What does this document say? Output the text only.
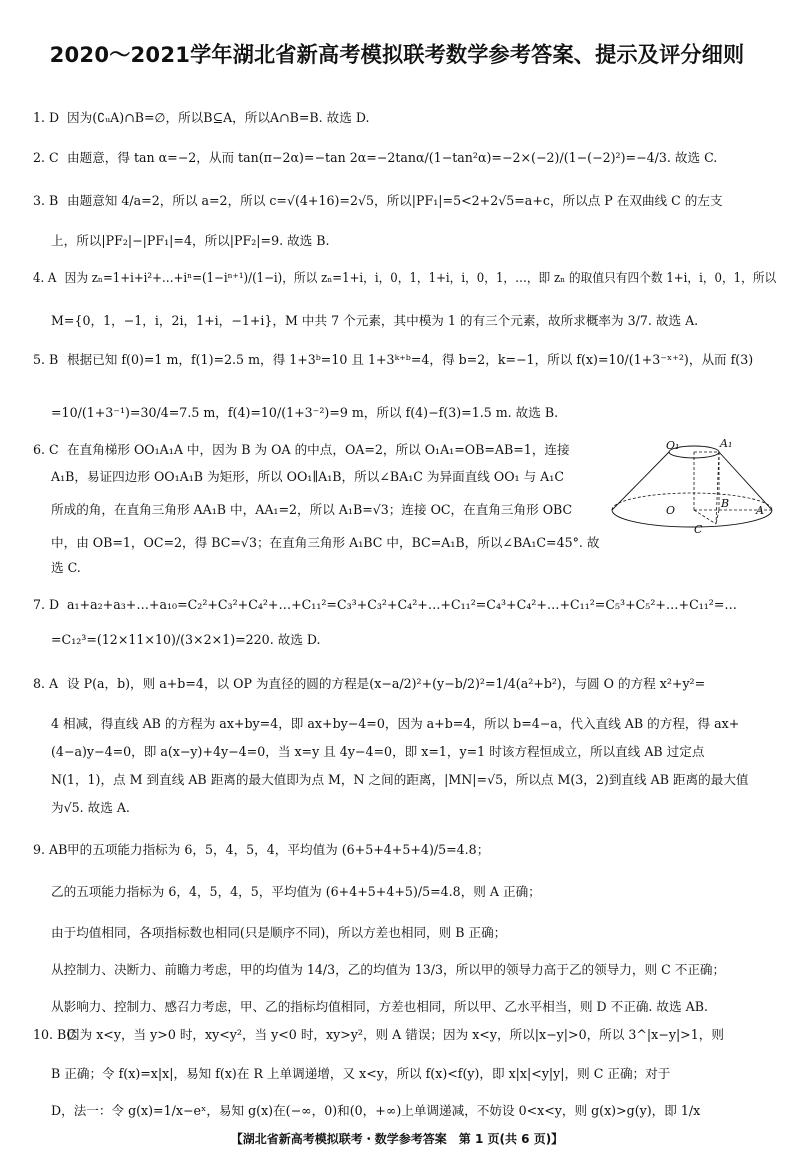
2020～2021学年湖北省新高考模拟联考数学参考答案、提示及评分细则
1. D 因为(∁ᵤA)∩B=∅，所以B⊆A，所以A∩B=B. 故选 D.
2. C 由题意，得 tan α=−2，从而 tan(π−2α)=−tan 2α=−2tanα/(1−tan²α)=−2×(−2)/(1−(−2)²)=−4/3. 故选 C.
3. B 由题意知 4/a=2，所以 a=2，所以 c=√(4+16)=2√5，所以|PF₁|=5<2+2√5=a+c，所以点 P 在双曲线 C 的左支
上，所以|PF₂|−|PF₁|=4，所以|PF₂|=9. 故选 B.
4. A 因为 zₙ=1+i+i²+…+iⁿ=(1−iⁿ⁺¹)/(1−i)，所以 zₙ=1+i，i，0，1，1+i，i，0，1，…，即 zₙ 的取值只有四个数 1+i，i，0，1，所以
M={0，1，−1，i，2i，1+i，−1+i}，M 中共 7 个元素，其中模为 1 的有三个元素，故所求概率为 3/7. 故选 A.
5. B 根据已知 f(0)=1 m，f(1)=2.5 m，得 1+3ᵇ=10 且 1+3ᵏ⁺ᵇ=4，得 b=2，k=−1，所以 f(x)=10/(1+3⁻ˣ⁺²)，从而 f(3)
=10/(1+3⁻¹)=30/4=7.5 m，f(4)=10/(1+3⁻²)=9 m，所以 f(4)−f(3)=1.5 m. 故选 B.
6. C 在直角梯形 OO₁A₁A 中，因为 B 为 OA 的中点，OA=2，所以 O₁A₁=OB=AB=1，连接
A₁B，易证四边形 OO₁A₁B 为矩形，所以 OO₁∥A₁B，所以∠BA₁C 为异面直线 OO₁ 与 A₁C
所成的角，在直角三角形 AA₁B 中，AA₁=2，所以 A₁B=√3；连接 OC，在直角三角形 OBC
中，由 OB=1，OC=2，得 BC=√3；在直角三角形 A₁BC 中，BC=A₁B，所以∠BA₁C=45°. 故
选 C.
7. D a₁+a₂+a₃+…+a₁₀=C₂²+C₃²+C₄²+…+C₁₁²=C₃³+C₃²+C₄²+…+C₁₁²=C₄³+C₄²+…+C₁₁²=C₅³+C₅²+…+C₁₁²=…
=C₁₂³=(12×11×10)/(3×2×1)=220. 故选 D.
8. A 设 P(a，b)，则 a+b=4，以 OP 为直径的圆的方程是(x−a/2)²+(y−b/2)²=1/4(a²+b²)，与圆 O 的方程 x²+y²=
4 相减，得直线 AB 的方程为 ax+by=4，即 ax+by−4=0，因为 a+b=4，所以 b=4−a，代入直线 AB 的方程，得 ax+
(4−a)y−4=0，即 a(x−y)+4y−4=0，当 x=y 且 4y−4=0，即 x=1，y=1 时该方程恒成立，所以直线 AB 过定点
N(1，1)，点 M 到直线 AB 距离的最大值即为点 M，N 之间的距离，|MN|=√5，所以点 M(3，2)到直线 AB 距离的最大值
为√5. 故选 A.
9. AB甲的五项能力指标为 6，5，4，5，4，平均值为 (6+5+4+5+4)/5=4.8；
乙的五项能力指标为 6，4，5，4，5，平均值为 (6+4+5+4+5)/5=4.8，则 A 正确；
由于均值相同，各项指标数也相同(只是顺序不同)，所以方差也相同，则 B 正确；
从控制力、决断力、前瞻力考虑，甲的均值为 14/3，乙的均值为 13/3，所以甲的领导力高于乙的领导力，则 C 不正确；
从影响力、控制力、感召力考虑，甲、乙的指标均值相同，方差也相同，所以甲、乙水平相当，则 D 不正确. 故选 AB.
10. BC因为 x<y，当 y>0 时，xy<y²，当 y<0 时，xy>y²，则 A 错误；因为 x<y，所以|x−y|>0，所以 3^|x−y|>1，则
B 正确；令 f(x)=x|x|，易知 f(x)在 R 上单调递增，又 x<y，所以 f(x)<f(y)，即 x|x|<y|y|，则 C 正确；对于
D，法一：令 g(x)=1/x−eˣ，易知 g(x)在(−∞，0)和(0，+∞)上单调递减，不妨设 0<x<y，则 g(x)>g(y)，即 1/x
O₁	A₁
O
B
A
C
【湖北省新高考模拟联考・数学参考答案　第 1 页(共 6 页)】
